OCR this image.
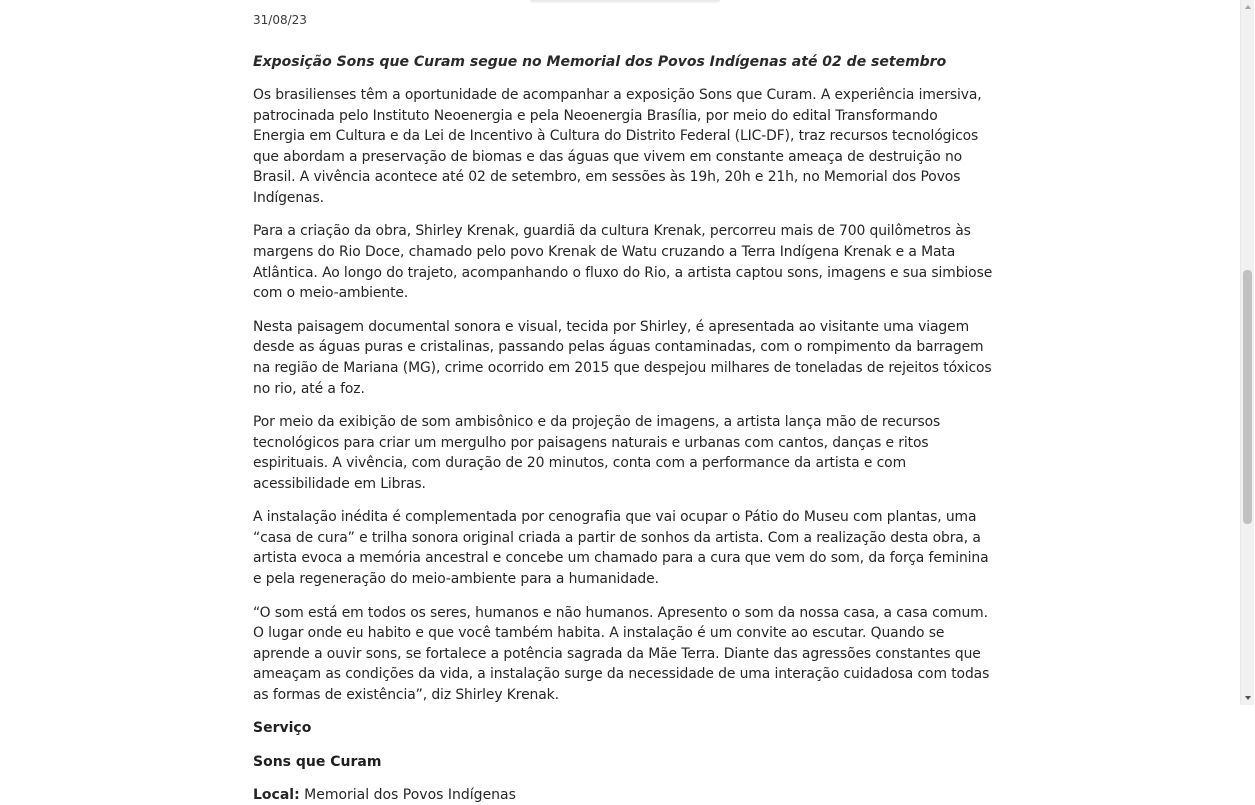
31/08/23
Exposição Sons que Curam segue no Memorial dos Povos Indígenas até 02 de setembro

Os brasilienses têm a oportunidade de acompanhar a exposição Sons que Curam. A experiência imersiva, patrocinada pelo Instituto Neoenergia e pela Neoenergia Brasília, por meio do edital Transformando Energia em Cultura e da Lei de Incentivo à Cultura do Distrito Federal (LIC-DF), traz recursos tecnológicos que abordam a preservação de biomas e das águas que vivem em constante ameaça de destruição no Brasil. A vivência acontece até 02 de setembro, em sessões às 19h, 20h e 21h, no Memorial dos Povos Indígenas.

Para a criação da obra, Shirley Krenak, guardiã da cultura Krenak, percorreu mais de 700 quilômetros às margens do Rio Doce, chamado pelo povo Krenak de Watu cruzando a Terra Indígena Krenak e a Mata Atlântica. Ao longo do trajeto, acompanhando o fluxo do Rio, a artista captou sons, imagens e sua simbiose com o meio-ambiente.

Nesta paisagem documental sonora e visual, tecida por Shirley, é apresentada ao visitante uma viagem desde as águas puras e cristalinas, passando pelas águas contaminadas, com o rompimento da barragem na região de Mariana (MG), crime ocorrido em 2015 que despejou milhares de toneladas de rejeitos tóxicos no rio, até a foz.

Por meio da exibição de som ambisônico e da projeção de imagens, a artista lança mão de recursos tecnológicos para criar um mergulho por paisagens naturais e urbanas com cantos, danças e ritos espirituais. A vivência, com duração de 20 minutos, conta com a performance da artista e com acessibilidade em Libras.

A instalação inédita é complementada por cenografia que vai ocupar o Pátio do Museu com plantas, uma “casa de cura” e trilha sonora original criada a partir de sonhos da artista. Com a realização desta obra, a artista evoca a memória ancestral e concebe um chamado para a cura que vem do som, da força feminina e pela regeneração do meio-ambiente para a humanidade.

“O som está em todos os seres, humanos e não humanos. Apresento o som da nossa casa, a casa comum. O lugar onde eu habito e que você também habita. A instalação é um convite ao escutar. Quando se aprende a ouvir sons, se fortalece a potência sagrada da Mãe Terra. Diante das agressões constantes que ameaçam as condições da vida, a instalação surge da necessidade de uma interação cuidadosa com todas as formas de existência”, diz Shirley Krenak.

Serviço
Sons que Curam

Local: Memorial dos Povos Indígenas
